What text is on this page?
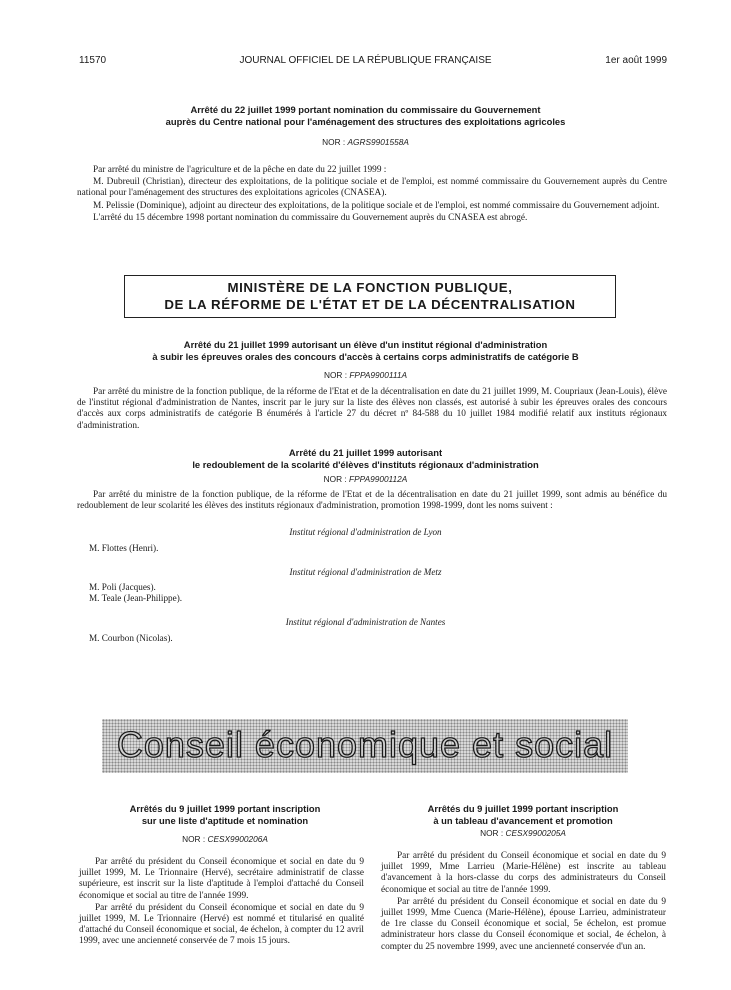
11570	JOURNAL OFFICIEL DE LA RÉPUBLIQUE FRANÇAISE	1er août 1999
Arrêté du 22 juillet 1999 portant nomination du commissaire du Gouvernement
auprès du Centre national pour l'aménagement des structures des exploitations agricoles
NOR : AGRS9901558A

Par arrêté du ministre de l'agriculture et de la pêche en date du 22 juillet 1999 :

M. Dubreuil (Christian), directeur des exploitations, de la politique sociale et de l'emploi, est nommé commissaire du Gouvernement auprès du Centre national pour l'aménagement des structures des exploitations agricoles (CNASEA).

M. Pelissie (Dominique), adjoint au directeur des exploitations, de la politique sociale et de l'emploi, est nommé commissaire du Gouvernement adjoint.

L'arrêté du 15 décembre 1998 portant nomination du commissaire du Gouvernement auprès du CNASEA est abrogé.

MINISTÈRE DE LA FONCTION PUBLIQUE,
DE LA RÉFORME DE L'ÉTAT ET DE LA DÉCENTRALISATION
Arrêté du 21 juillet 1999 autorisant un élève d'un institut régional d'administration
à subir les épreuves orales des concours d'accès à certains corps administratifs de catégorie B
NOR : FPPA9900111A

Par arrêté du ministre de la fonction publique, de la réforme de l'Etat et de la décentralisation en date du 21 juillet 1999, M. Coupriaux (Jean-Louis), élève de l'institut régional d'administration de Nantes, inscrit par le jury sur la liste des élèves non classés, est autorisé à subir les épreuves orales des concours d'accès aux corps administratifs de catégorie B énumérés à l'article 27 du décret nº 84-588 du 10 juillet 1984 modifié relatif aux instituts régionaux d'administration.

Arrêté du 21 juillet 1999 autorisant
le redoublement de la scolarité d'élèves d'instituts régionaux d'administration
NOR : FPPA9900112A

Par arrêté du ministre de la fonction publique, de la réforme de l'Etat et de la décentralisation en date du 21 juillet 1999, sont admis au bénéfice du redoublement de leur scolarité les élèves des instituts régionaux d'administration, promotion 1998-1999, dont les noms suivent :

Institut régional d'administration de Lyon
M. Flottes (Henri).
Institut régional d'administration de Metz
M. Poli (Jacques).
M. Teale (Jean-Philippe).
Institut régional d'administration de Nantes
M. Courbon (Nicolas).
Conseil économique et social
Arrêtés du 9 juillet 1999 portant inscription
sur une liste d'aptitude et nomination
NOR : CESX9900206A

Par arrêté du président du Conseil économique et social en date du 9 juillet 1999, M. Le Trionnaire (Hervé), secrétaire administratif de classe supérieure, est inscrit sur la liste d'aptitude à l'emploi d'attaché du Conseil économique et social au titre de l'année 1999.

Par arrêté du président du Conseil économique et social en date du 9 juillet 1999, M. Le Trionnaire (Hervé) est nommé et titularisé en qualité d'attaché du Conseil économique et social, 4e échelon, à compter du 12 avril 1999, avec une ancienneté conservée de 7 mois 15 jours.

Arrêtés du 9 juillet 1999 portant inscription
à un tableau d'avancement et promotion
NOR : CESX9900205A

Par arrêté du président du Conseil économique et social en date du 9 juillet 1999, Mme Larrieu (Marie-Hélène) est inscrite au tableau d'avancement à la hors-classe du corps des administrateurs du Conseil économique et social au titre de l'année 1999.

Par arrêté du président du Conseil économique et social en date du 9 juillet 1999, Mme Cuenca (Marie-Hélène), épouse Larrieu, administrateur de 1re classe du Conseil économique et social, 5e échelon, est promue administrateur hors classe du Conseil économique et social, 4e échelon, à compter du 25 novembre 1999, avec une ancienneté conservée d'un an.
